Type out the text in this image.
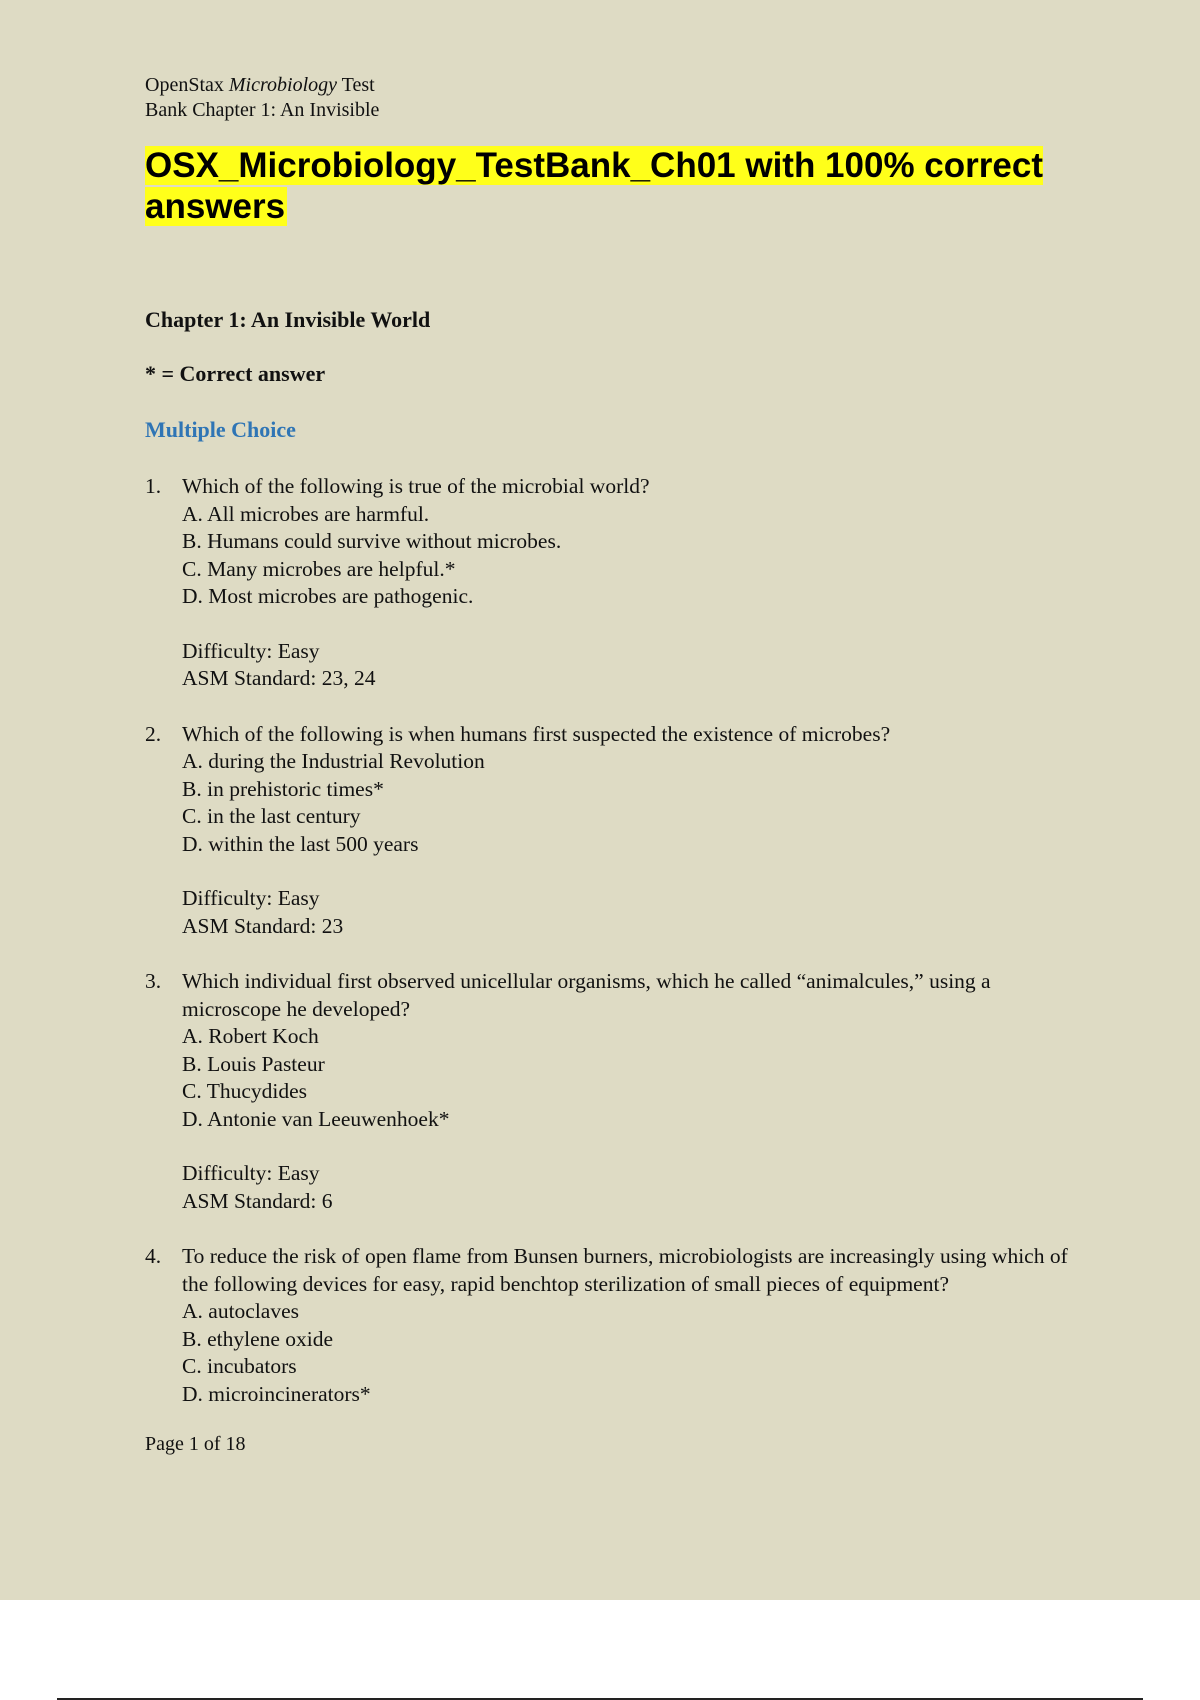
OpenStax Microbiology Test
Bank Chapter 1: An Invisible
OSX_Microbiology_TestBank_Ch01 with 100% correct answers
Chapter 1: An Invisible World
* = Correct answer
Multiple Choice
1. Which of the following is true of the microbial world?
A. All microbes are harmful.
B. Humans could survive without microbes.
C. Many microbes are helpful.*
D. Most microbes are pathogenic.
Difficulty: Easy
ASM Standard: 23, 24
2. Which of the following is when humans first suspected the existence of microbes?
A. during the Industrial Revolution
B. in prehistoric times*
C. in the last century
D. within the last 500 years
Difficulty: Easy
ASM Standard: 23
3. Which individual first observed unicellular organisms, which he called “animalcules,” using a microscope he developed?
A. Robert Koch
B. Louis Pasteur
C. Thucydides
D. Antonie van Leeuwenhoek*
Difficulty: Easy
ASM Standard: 6
4. To reduce the risk of open flame from Bunsen burners, microbiologists are increasingly using which of the following devices for easy, rapid benchtop sterilization of small pieces of equipment?
A. autoclaves
B. ethylene oxide
C. incubators
D. microincinerators*
Page 1 of 18
